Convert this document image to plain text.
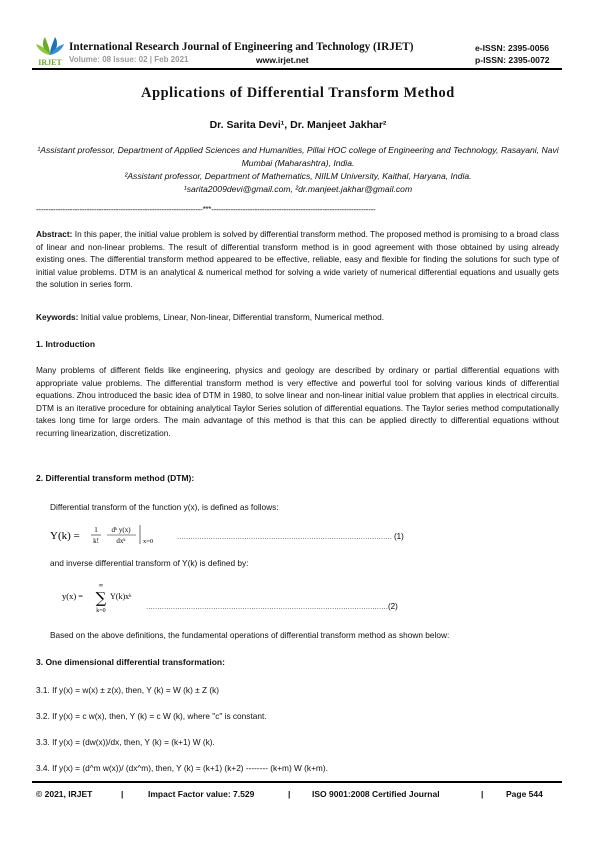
IRJET
International Research Journal of Engineering and Technology (IRJET)
Volume: 08 Issue: 02 | Feb 2021	www.irjet.net
e-ISSN: 2395-0056
p-ISSN: 2395-0072
Applications of Differential Transform Method
Dr. Sarita Devi¹, Dr. Manjeet Jakhar²
¹Assistant professor, Department of Applied Sciences and Humanities, Pillai HOC college of Engineering and Technology, Rasayani, Navi Mumbai (Maharashtra), India.
²Assistant professor, Department of Mathematics, NIILM University, Kaithal, Haryana, India.
¹sarita2009devi@gmail.com, ²dr.manjeet.jakhar@gmail.com
---------------------------------------------------------------------***--------------------------------------------------------------------
Abstract: In this paper, the initial value problem is solved by differential transform method. The proposed method is promising to a broad class of linear and non-linear problems. The result of differential transform method is in good agreement with those obtained by using already existing ones. The differential transform method appeared to be effective, reliable, easy and flexible for finding the solutions for such type of initial value problems. DTM is an analytical & numerical method for solving a wide variety of numerical differential equations and usually gets the solution in series form.
Keywords: Initial value problems, Linear, Non-linear, Differential transform, Numerical method.
1. Introduction
Many problems of different fields like engineering, physics and geology are described by ordinary or partial differential equations with appropriate value problems. The differential transform method is very effective and powerful tool for solving various kinds of differential equations. Zhou introduced the basic idea of DTM in 1980, to solve linear and non-linear initial value problem that applies in electrical circuits. DTM is an iterative procedure for obtaining analytical Taylor Series solution of differential equations. The Taylor series method computationally takes long time for large orders. The main advantage of this method is that this can be applied directly to differential equations without recurring linearization, discretization.
2. Differential transform method (DTM):
Differential transform of the function y(x), is defined as follows:
Y(k) = 1
k!
dᵏ y(x)
dxᵏ	x=0	…………………………………………………………………………………… (1)
and inverse differential transform of Y(k) is defined by:
y(x) =
∞
∑
k=0
Y(k)xᵏ
……………………………………………………………………………………………… (2)
Based on the above definitions, the fundamental operations of differential transform method as shown below:
3. One dimensional differential transformation:
3.1. If y(x) = w(x) ± z(x), then, Y (k) = W (k) ± Z (k)
3.2. If y(x) = c w(x), then, Y (k) = c W (k), where "c" is constant.
3.3. If y(x) = (dw(x))/dx, then, Y (k) = (k+1) W (k).
3.4. If y(x) = (d^m w(x))/ (dx^m), then, Y (k) = (k+1) (k+2) -------- (k+m) W (k+m).
© 2021, IRJET	|	Impact Factor value: 7.529	|	ISO 9001:2008 Certified Journal	|	Page 544
